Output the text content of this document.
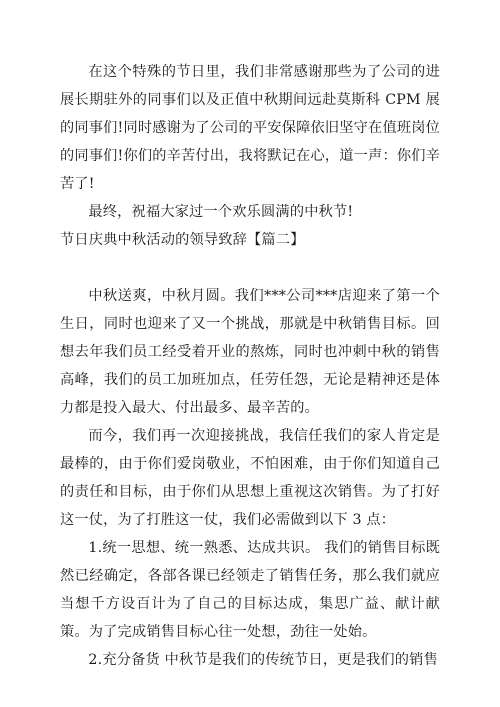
在这个特殊的节日里，我们非常感谢那些为了公司的进展长期驻外的同事们以及正值中秋期间远赴莫斯科 CPM 展的同事们!同时感谢为了公司的平安保障依旧坚守在值班岗位的同事们!你们的辛苦付出，我将默记在心，道一声：你们辛苦了!

最终，祝福大家过一个欢乐圆满的中秋节!

节日庆典中秋活动的领导致辞【篇二】

中秋送爽，中秋月圆。我们***公司***店迎来了第一个生日，同时也迎来了又一个挑战，那就是中秋销售目标。回想去年我们员工经受着开业的熬炼，同时也冲刺中秋的销售高峰，我们的员工加班加点，任劳任怨，无论是精神还是体力都是投入最大、付出最多、最辛苦的。

而今，我们再一次迎接挑战，我信任我们的家人肯定是最棒的，由于你们爱岗敬业，不怕困难，由于你们知道自己的责任和目标，由于你们从思想上重视这次销售。为了打好这一仗，为了打胜这一仗，我们必需做到以下 3 点：

1.统一思想、统一熟悉、达成共识。 我们的销售目标既然已经确定，各部各课已经领走了销售任务，那么我们就应当想千方设百计为了自己的目标达成，集思广益、献计献策。为了完成销售目标心往一处想，劲往一处始。

2.充分备货 中秋节是我们的传统节日，更是我们的销售
